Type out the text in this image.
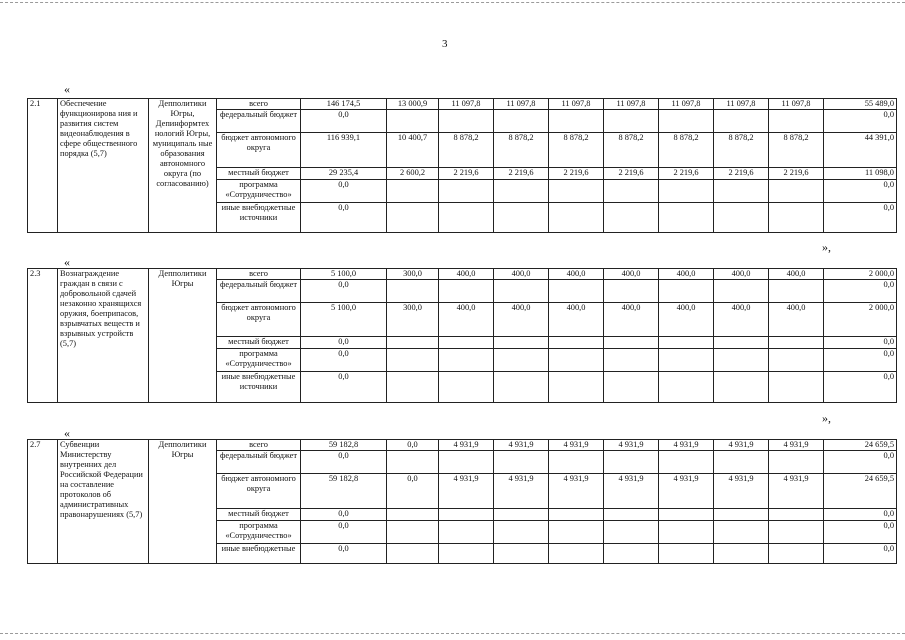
3
«
2.1	Обеспечение функционирова ния и развития систем видеонаблюдения в сфере общественного порядка (5,7)	Депполитики Югры, Депинформтех нологий Югры, муниципаль ные образования автономного округа (по согласованию)	всего	146 174,5	13 000,9	11 097,8	11 097,8	11 097,8	11 097,8	11 097,8	11 097,8	11 097,8	55 489,0
			федеральный бюджет	0,0									0,0
			бюджет автономного округа	116 939,1	10 400,7	8 878,2	8 878,2	8 878,2	8 878,2	8 878,2	8 878,2	8 878,2	44 391,0
			местный бюджет	29 235,4	2 600,2	2 219,6	2 219,6	2 219,6	2 219,6	2 219,6	2 219,6	2 219,6	11 098,0
			программа «Сотрудничество»	0,0									0,0
			иные внебюджетные источники	0,0									0,0
»,
«
2.3	Вознаграждение граждан в связи с добровольной сдачей незаконно хранящихся оружия, боеприпасов, взрывчатых веществ и взрывных устройств (5,7)	Депполитики Югры	всего	5 100,0	300,0	400,0	400,0	400,0	400,0	400,0	400,0	400,0	2 000,0
			федеральный бюджет	0,0									0,0
			бюджет автономного округа	5 100,0	300,0	400,0	400,0	400,0	400,0	400,0	400,0	400,0	2 000,0
			местный бюджет	0,0									0,0
			программа «Сотрудничество»	0,0									0,0
			иные внебюджетные источники	0,0									0,0
»,
«
2.7	Субвенции Министерству внутренних дел Российской Федерации на составление протоколов об административных правонарушениях (5,7)	Депполитики Югры	всего	59 182,8	0,0	4 931,9	4 931,9	4 931,9	4 931,9	4 931,9	4 931,9	4 931,9	24 659,5
			федеральный бюджет	0,0									0,0
			бюджет автономного округа	59 182,8	0,0	4 931,9	4 931,9	4 931,9	4 931,9	4 931,9	4 931,9	4 931,9	24 659,5
			местный бюджет	0,0									0,0
			программа «Сотрудничество»	0,0									0,0
			иные внебюджетные	0,0									0,0
